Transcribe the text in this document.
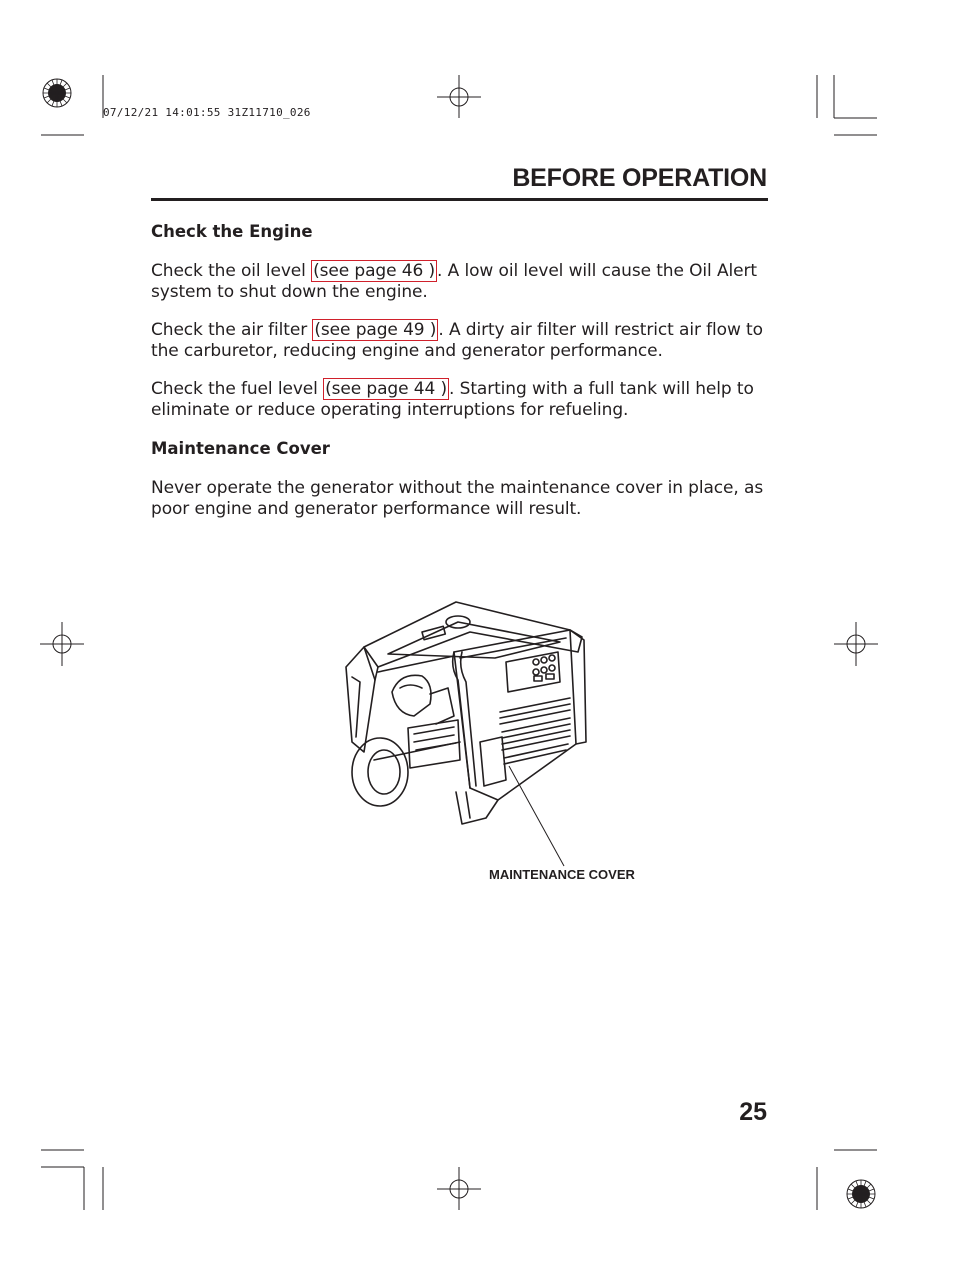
07/12/21 14:01:55 31Z11710_026
BEFORE OPERATION

Check the Engine

Check the oil level (see page 46 ) . A low oil level will cause the Oil Alert system to shut down the engine.

Check the air filter (see page 49 ) . A dirty air filter will restrict air flow to the carburetor, reducing engine and generator performance.

Check the fuel level (see page 44 ) . Starting with a full tank will help to eliminate or reduce operating interruptions for refueling.

Maintenance Cover

Never operate the generator without the maintenance cover in place, as poor engine and generator performance will result.

MAINTENANCE COVER
25
